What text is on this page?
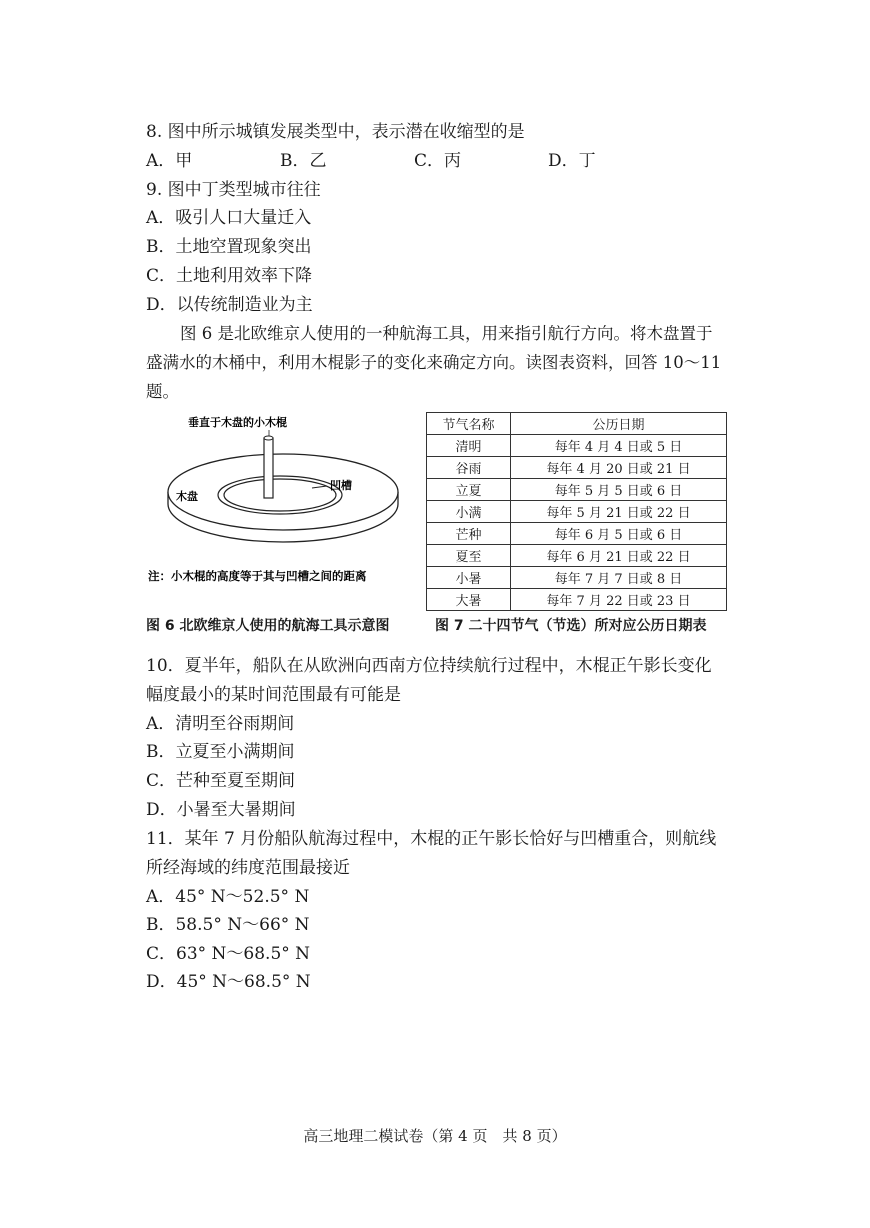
8. 图中所示城镇发展类型中，表示潜在收缩型的是
A．甲	B．乙	C．丙	D．丁
9. 图中丁类型城市往往
A．吸引人口大量迁入
B．土地空置现象突出
C．土地利用效率下降
D．以传统制造业为主
图 6 是北欧维京人使用的一种航海工具，用来指引航行方向。将木盘置于盛满水的木桶中，利用木棍影子的变化来确定方向。读图表资料，回答 10～11 题。
垂直于木盘的小木棍
木盘
凹槽
注：小木棍的高度等于其与凹槽之间的距离
节气名称	公历日期
清明	每年 4 月 4 日或 5 日
谷雨	每年 4 月 20 日或 21 日
立夏	每年 5 月 5 日或 6 日
小满	每年 5 月 21 日或 22 日
芒种	每年 6 月 5 日或 6 日
夏至	每年 6 月 21 日或 22 日
小暑	每年 7 月 7 日或 8 日
大暑	每年 7 月 22 日或 23 日
图 6 北欧维京人使用的航海工具示意图	图 7 二十四节气（节选）所对应公历日期表
10．夏半年，船队在从欧洲向西南方位持续航行过程中，木棍正午影长变化
幅度最小的某时间范围最有可能是
A．清明至谷雨期间
B．立夏至小满期间
C．芒种至夏至期间
D．小暑至大暑期间
11．某年 7 月份船队航海过程中，木棍的正午影长恰好与凹槽重合，则航线
所经海域的纬度范围最接近
A．45° N～52.5° N
B．58.5° N～66° N
C．63° N～68.5° N
D．45° N～68.5° N
高三地理二模试卷（第 4 页　共 8 页）
